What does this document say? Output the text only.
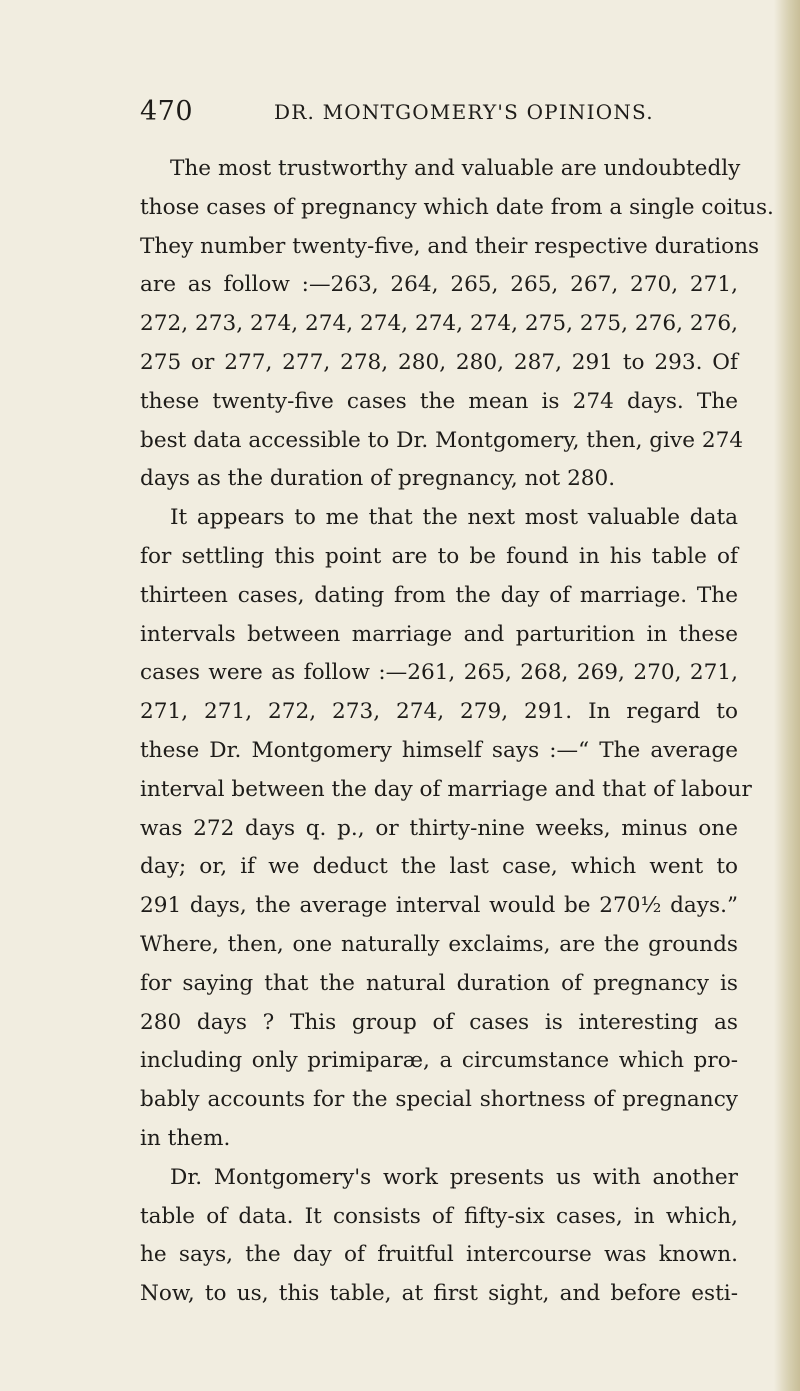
470	DR. MONTGOMERY'S OPINIONS.
The most trustworthy and valuable are undoubtedly
those cases of pregnancy which date from a single coitus.
They number twenty-five, and their respective durations
are as follow :—263, 264, 265, 265, 267, 270, 271,
272, 273, 274, 274, 274, 274, 274, 275, 275, 276, 276,
275 or 277, 277, 278, 280, 280, 287, 291 to 293. Of
these twenty-five cases the mean is 274 days. The
best data accessible to Dr. Montgomery, then, give 274
days as the duration of pregnancy, not 280.
It appears to me that the next most valuable data
for settling this point are to be found in his table of
thirteen cases, dating from the day of marriage. The
intervals between marriage and parturition in these
cases were as follow :—261, 265, 268, 269, 270, 271,
271, 271, 272, 273, 274, 279, 291. In regard to
these Dr. Montgomery himself says :—“ The average
interval between the day of marriage and that of labour
was 272 days q. p., or thirty-nine weeks, minus one
day; or, if we deduct the last case, which went to
291 days, the average interval would be 270½ days.”
Where, then, one naturally exclaims, are the grounds
for saying that the natural duration of pregnancy is
280 days ? This group of cases is interesting as
including only primiparæ, a circumstance which pro-
bably accounts for the special shortness of pregnancy
in them.
Dr. Montgomery's work presents us with another
table of data. It consists of fifty-six cases, in which,
he says, the day of fruitful intercourse was known.
Now, to us, this table, at first sight, and before esti-
